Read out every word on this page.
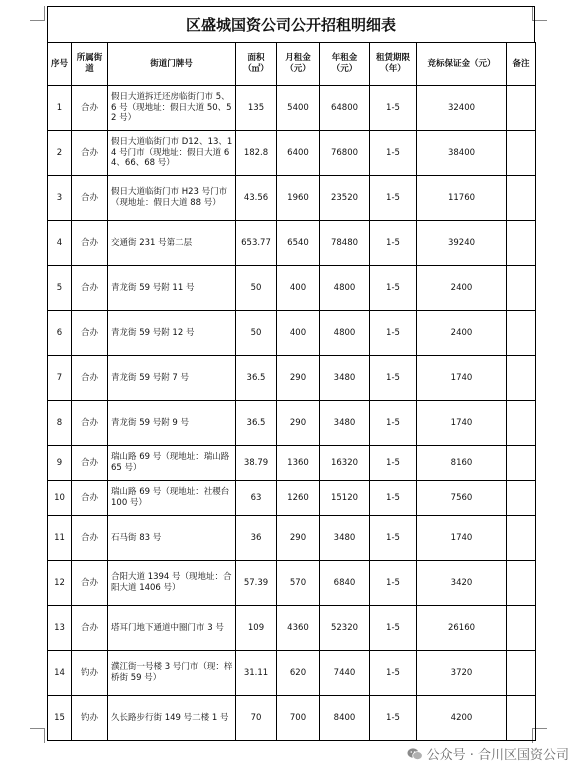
区盛城国资公司公开招租明细表
序号	所属街道	街道门牌号	面积（㎡）	月租金（元）	年租金（元）	租赁期限（年）	竞标保证金（元）	备注
1	合办	假日大道拆迁还房临街门市 5、6 号（现地址：假日大道 50、52 号）	135	5400	64800	1-5	32400	
2	合办	假日大道临街门市 D12、13、14 号门市（现地址：假日大道 64、66、68 号）	182.8	6400	76800	1-5	38400	
3	合办	假日大道临街门市 H23 号门市（现地址：假日大道 88 号）	43.56	1960	23520	1-5	11760	
4	合办	交通街 231 号第二层	653.77	6540	78480	1-5	39240	
5	合办	青龙街 59 号附 11 号	50	400	4800	1-5	2400	
6	合办	青龙街 59 号附 12 号	50	400	4800	1-5	2400	
7	合办	青龙街 59 号附 7 号	36.5	290	3480	1-5	1740	
8	合办	青龙街 59 号附 9 号	36.5	290	3480	1-5	1740	
9	合办	瑞山路 69 号（现地址：瑞山路 65 号）	38.79	1360	16320	1-5	8160	
10	合办	瑞山路 69 号（现地址：社稷台 100 号）	63	1260	15120	1-5	7560	
11	合办	石马街 83 号	36	290	3480	1-5	1740	
12	合办	合阳大道 1394 号（现地址：合阳大道 1406 号）	57.39	570	6840	1-5	3420	
13	合办	塔耳门地下通道中圈门市 3 号	109	4360	52320	1-5	26160	
14	钓办	濮江街一号楼 3 号门市（现：梓桥街 59 号）	31.11	620	7440	1-5	3720	
15	钓办	久长路步行街 149 号二楼 1 号	70	700	8400	1-5	4200	
公众号 · 合川区国资公司
